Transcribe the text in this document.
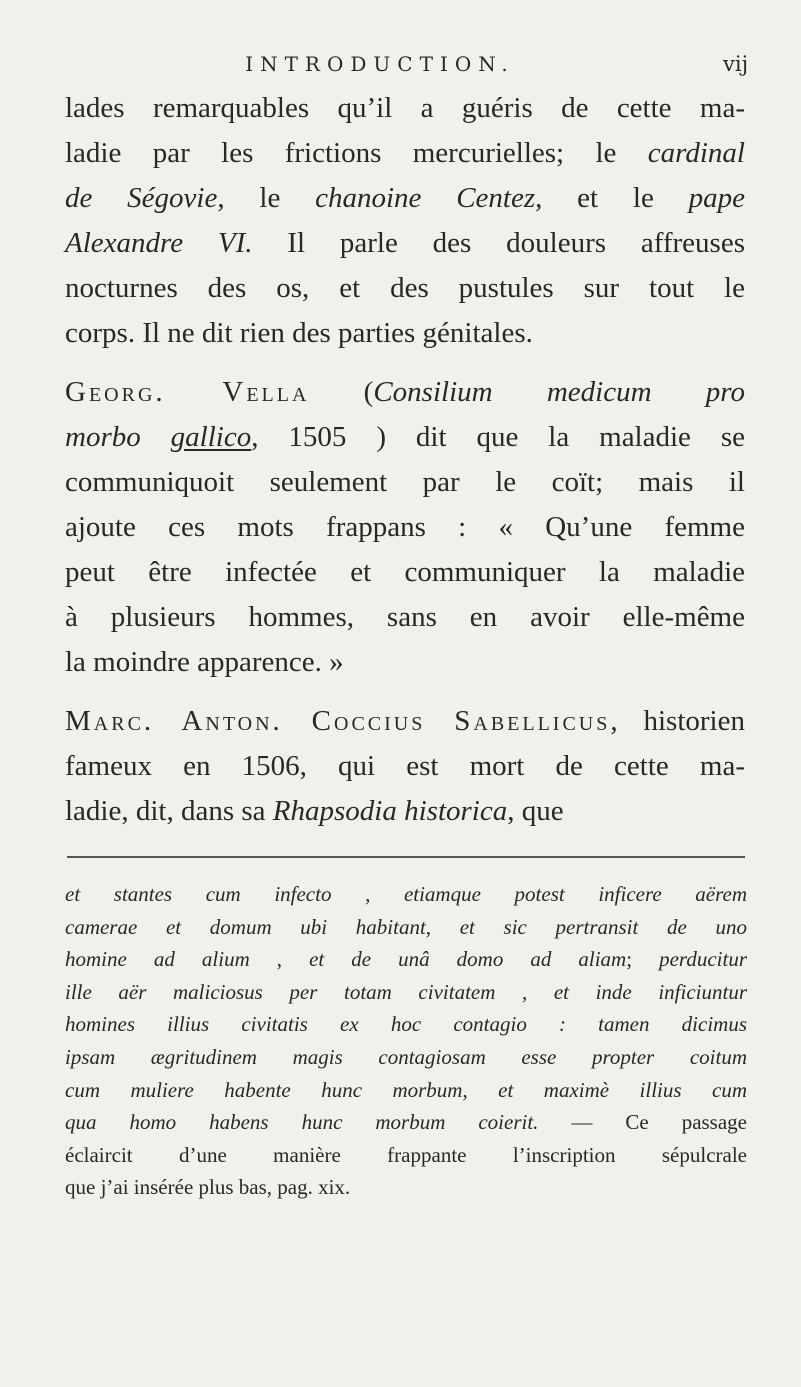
INTRODUCTION.	vij

lades remarquables qu’il a guéris de cette ma-
ladie par les frictions mercurielles; le cardinal
de Ségovie, le chanoine Centez, et le pape
Alexandre VI. Il parle des douleurs affreuses
nocturnes des os, et des pustules sur tout le
corps. Il ne dit rien des parties génitales.

Georg. Vella (Consilium medicum pro
morbo gallico, 1505 ) dit que la maladie se
communiquoit seulement par le coït; mais il
ajoute ces mots frappans : « Qu’une femme
peut être infectée et communiquer la maladie
à plusieurs hommes, sans en avoir elle-même
la moindre apparence. »

Marc. Anton. Coccius Sabellicus, historien
fameux en 1506, qui est mort de cette ma-
ladie, dit, dans sa Rhapsodia historica, que

et stantes cum infecto , etiamque potest inficere aërem
camerae et domum ubi habitant, et sic pertransit de uno
homine ad alium , et de unâ domo ad aliam; perducitur
ille aër maliciosus per totam civitatem , et inde inficiuntur
homines illius civitatis ex hoc contagio : tamen dicimus
ipsam ægritudinem magis contagiosam esse propter coitum
cum muliere habente hunc morbum, et maximè illius cum
qua homo habens hunc morbum coierit. — Ce passage
éclaircit d’une manière frappante l’inscription sépulcrale
que j’ai insérée plus bas, pag. xix.
